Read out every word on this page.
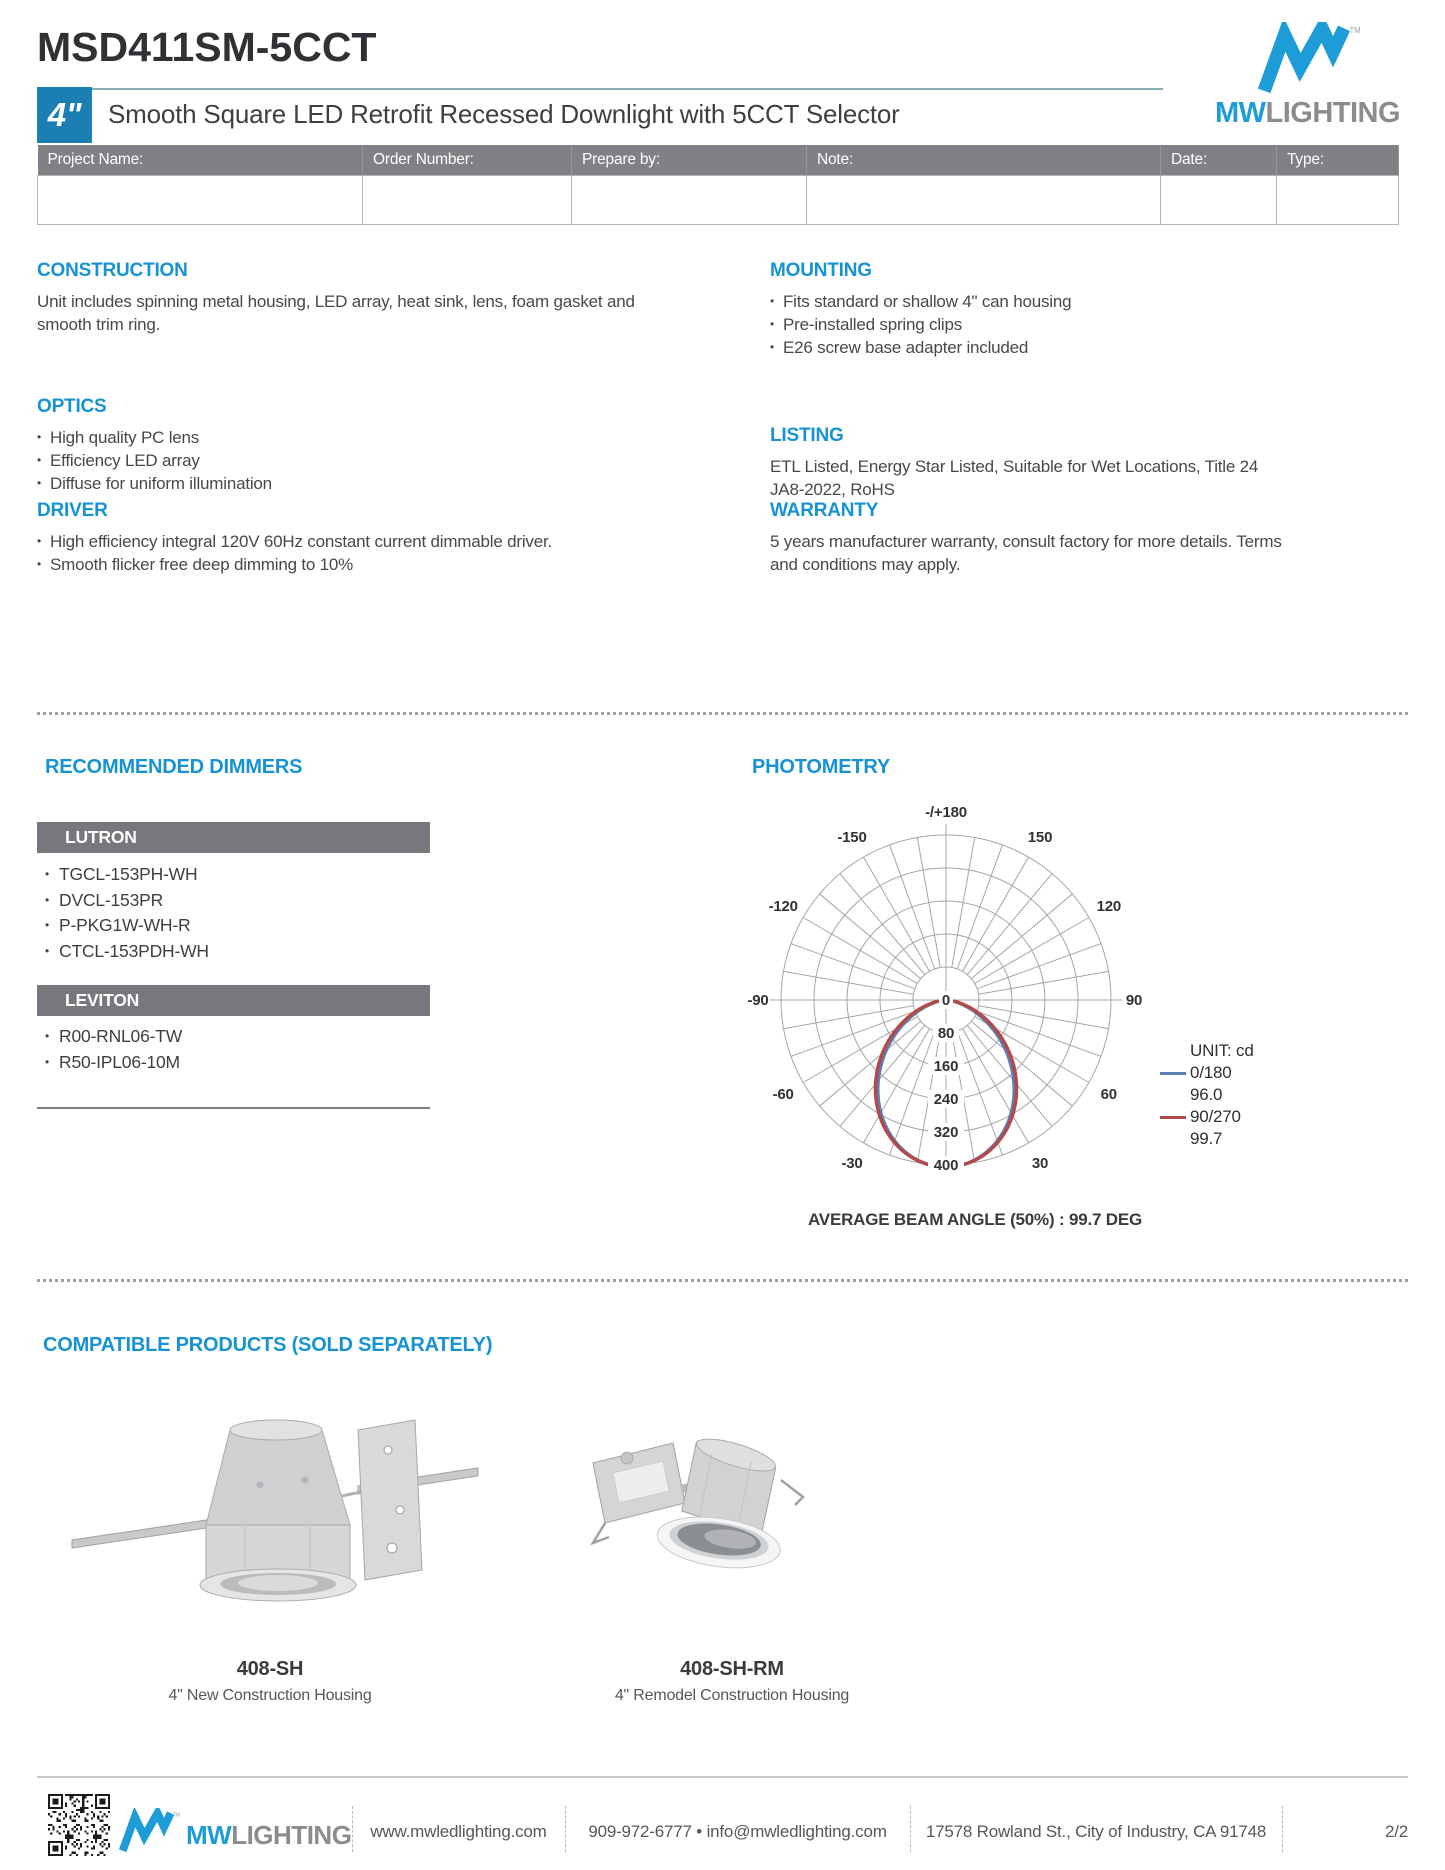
MSD411SM-5CCT	TM
MWLIGHTING
4"	Smooth Square LED Retrofit Recessed Downlight with 5CCT Selector
Project Name:	Order Number:	Prepare by:	Note:	Date:	Type:

CONSTRUCTION

Unit includes spinning metal housing, LED array, heat sink, lens, foam gasket and smooth trim ring.

MOUNTING
• Fits standard or shallow 4" can housing
• Pre-installed spring clips
• E26 screw base adapter included
OPTICS
• High quality PC lens
• Efficiency LED array
• Diffuse for uniform illumination
LISTING

ETL Listed, Energy Star Listed, Suitable for Wet Locations, Title 24 JA8-2022, RoHS

DRIVER
• High efficiency integral 120V 60Hz constant current dimmable driver.
• Smooth flicker free deep dimming to 10%
WARRANTY

5 years manufacturer warranty, consult factory for more details. Terms and conditions may apply.

RECOMMENDED DIMMERS
LUTRON
• TGCL-153PH-WH
• DVCL-153PR
• P-PKG1W-WH-R
• CTCL-153PDH-WH
LEVITON
• R00-RNL06-TW
• R50-IPL06-10M
PHOTOMETRY
-/+180
-150	150
-120	120
-90	90
-60	60
-30	30
0
80
160
240
320
400
UNIT: cd
0/180
96.0
90/270
99.7
AVERAGE BEAM ANGLE (50%) : 99.7 DEG
COMPATIBLE PRODUCTS (SOLD SEPARATELY)
408-SH
4" New Construction Housing
408-SH-RM
4" Remodel Construction Housing
TM
MWLIGHTING	www.mwledlighting.com	909-972-6777 • info@mwledlighting.com	17578 Rowland St., City of Industry, CA 91748	2/2
